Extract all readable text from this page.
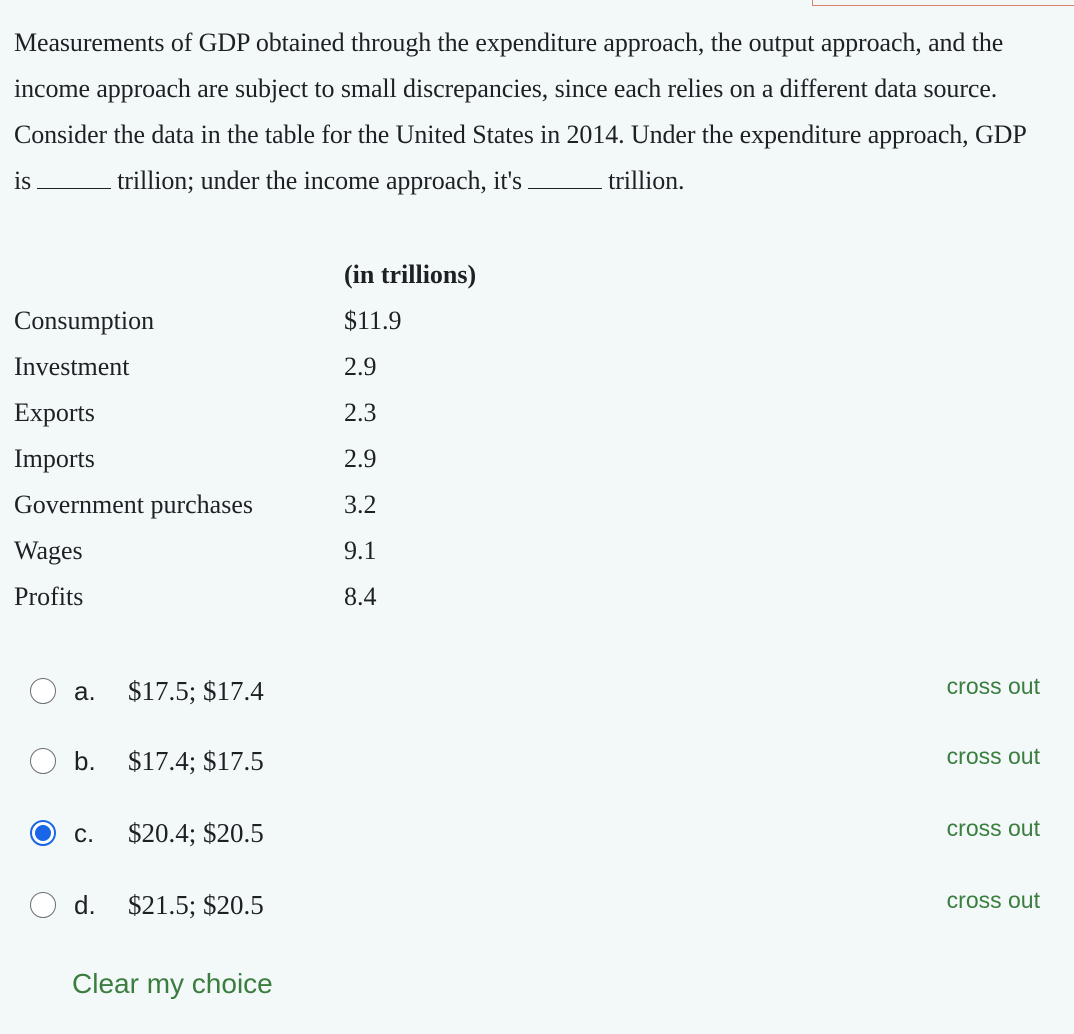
Measurements of GDP obtained through the expenditure approach, the output approach, and the income approach are subject to small discrepancies, since each relies on a different data source. Consider the data in the table for the United States in 2014. Under the expenditure approach, GDP is	trillion; under the income approach, it's	trillion.
(in trillions)
Consumption	$11.9
Investment	2.9
Exports	2.3
Imports	2.9
Government purchases	3.2
Wages	9.1
Profits	8.4
a. $17.5; $17.4	cross out
b. $17.4; $17.5	cross out
c. $20.4; $20.5	cross out
d. $21.5; $20.5	cross out
Clear my choice
